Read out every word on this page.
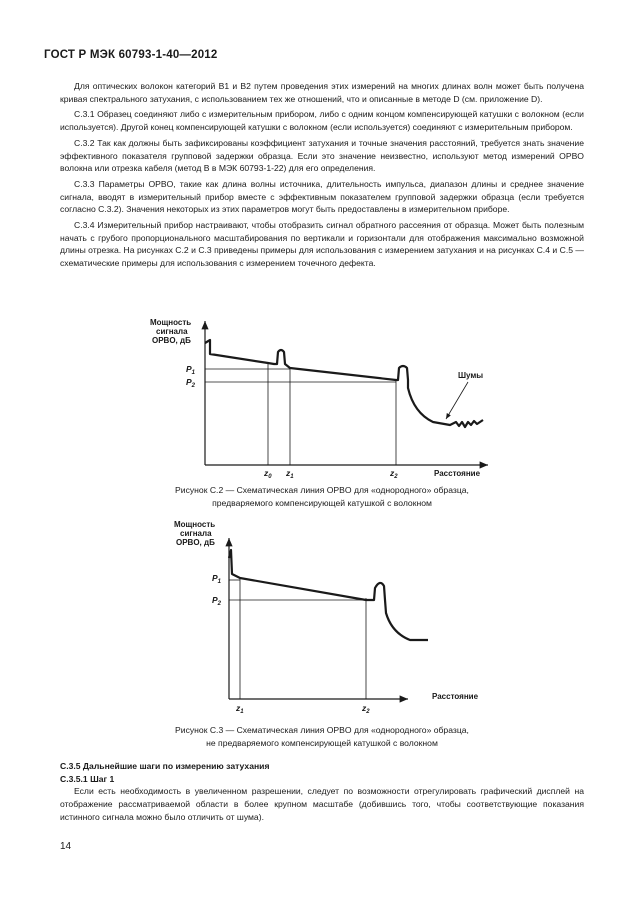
ГОСТ Р МЭК 60793-1-40—2012

Для оптических волокон категорий B1 и B2 путем проведения этих измерений на многих длинах волн может быть получена кривая спектрального затухания, с использованием тех же отношений, что и описанные в методе D (см. приложение D).

С.3.1 Образец соединяют либо с измерительным прибором, либо с одним концом компенсирующей катушки с волокном (если используется). Другой конец компенсирующей катушки с волокном (если используется) соединяют с измерительным прибором.

С.3.2 Так как должны быть зафиксированы коэффициент затухания и точные значения расстояний, требуется знать значение эффективного показателя групповой задержки образца. Если это значение неизвестно, используют метод измерений OPBO волокна или отрезка кабеля (метод B в МЭК 60793-1-22) для его определения.

С.3.3 Параметры OPBO, такие как длина волны источника, длительность импульса, диапазон длины и среднее значение сигнала, вводят в измерительный прибор вместе с эффективным показателем групповой задержки образца (если требуется согласно С.3.2). Значения некоторых из этих параметров могут быть предоставлены в измерительном приборе.

С.3.4 Измерительный прибор настраивают, чтобы отобразить сигнал обратного рассеяния от образца. Может быть полезным начать с грубого пропорционального масштабирования по вертикали и горизонтали для отображения максимально возможной длины отрезка. На рисунках С.2 и С.3 приведены примеры для использования с измерением затухания и на рисунках С.4 и С.5 — схематические примеры для использования с измерением точечного дефекта.

Мощность
сигнала
OPBO, дБ
$P_1$
$P_2$
Шумы
$z_0$ $z_1$	$z_2$	Расстояние
Рисунок С.2 — Схематическая линия OPBO для «однородного» образца,
предваряемого компенсирующей катушкой с волокном
Мощность
сигнала
OPBO, дБ
$P_1$
$P_2$
$z_1$	$z_2$
Расстояние
Рисунок С.3 — Схематическая линия OPBO для «однородного» образца,
не предваряемого компенсирующей катушкой с волокном

С.3.5 Дальнейшие шаги по измерению затухания

С.3.5.1 Шаг 1

Если есть необходимость в увеличенном разрешении, следует по возможности отрегулировать графический дисплей на отображение рассматриваемой области в более крупном масштабе (добившись того, чтобы соответствующие показания истинного сигнала можно было отличить от шума).

14
